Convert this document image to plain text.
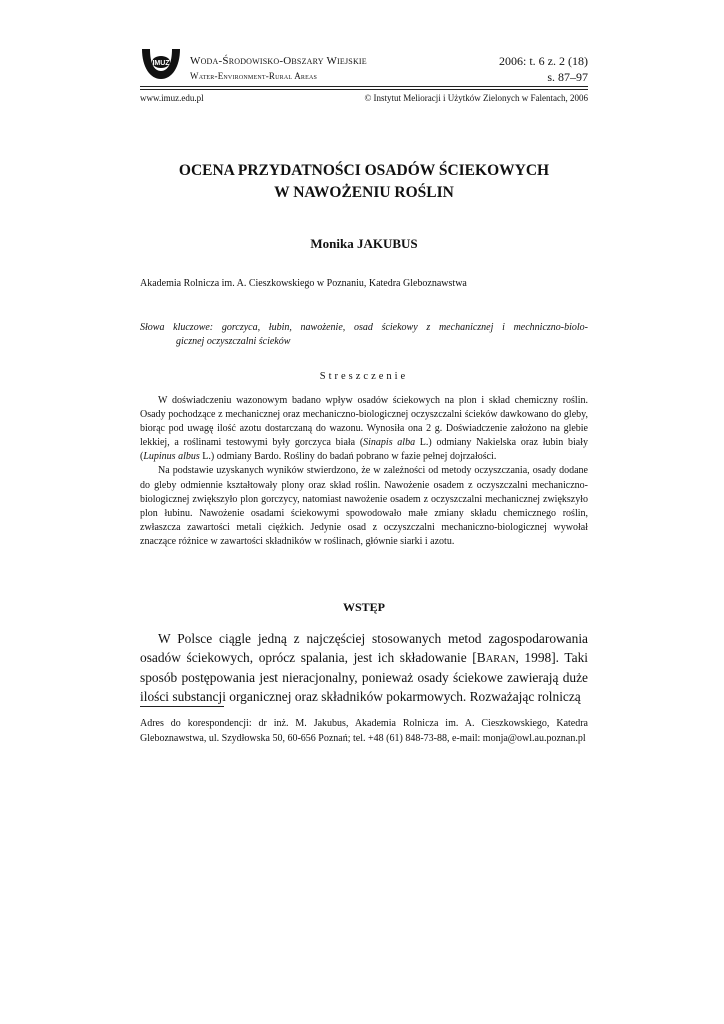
IMUZ Woda-Środowisko-Obszary Wiejskie
Water-Environment-Rural Areas
2006: t. 6 z. 2 (18)
s. 87–97
www.imuz.edu.pl	© Instytut Melioracji i Użytków Zielonych w Falentach, 2006
OCENA PRZYDATNOŚCI OSADÓW ŚCIEKOWYCH
W NAWOŻENIU ROŚLIN
Monika JAKUBUS
Akademia Rolnicza im. A. Cieszkowskiego w Poznaniu, Katedra Gleboznawstwa
Słowa kluczowe: gorczyca, łubin, nawożenie, osad ściekowy z mechanicznej i mechniczno-biolo-
gicznej oczyszczalni ścieków
Streszczenie

W doświadczeniu wazonowym badano wpływ osadów ściekowych na plon i skład chemiczny roślin. Osady pochodzące z mechanicznej oraz mechaniczno-biologicznej oczyszczalni ścieków dawkowano do gleby, biorąc pod uwagę ilość azotu dostarczaną do wazonu. Wynosiła ona 2 g. Doświadczenie założono na glebie lekkiej, a roślinami testowymi były gorczyca biała (Sinapis alba L.) odmiany Nakielska oraz łubin biały (Lupinus albus L.) odmiany Bardo. Rośliny do badań pobrano w fazie pełnej dojrzałości.

Na podstawie uzyskanych wyników stwierdzono, że w zależności od metody oczyszczania, osady dodane do gleby odmiennie kształtowały plony oraz skład roślin. Nawożenie osadem z oczyszczalni mechaniczno-biologicznej zwiększyło plon gorczycy, natomiast nawożenie osadem z oczyszczalni mechanicznej zwiększyło plon łubinu. Nawożenie osadami ściekowymi spowodowało małe zmiany składu chemicznego roślin, zwłaszcza zawartości metali ciężkich. Jedynie osad z oczyszczalni mechaniczno-biologicznej wywołał znaczące różnice w zawartości składników w roślinach, głównie siarki i azotu.

WSTĘP

W Polsce ciągle jedną z najczęściej stosowanych metod zagospodarowania osadów ściekowych, oprócz spalania, jest ich składowanie [BARAN, 1998]. Taki sposób postępowania jest nieracjonalny, ponieważ osady ściekowe zawierają duże ilości substancji organicznej oraz składników pokarmowych. Rozważając rolniczą

Adres do korespondencji: dr inż. M. Jakubus, Akademia Rolnicza im. A. Cieszkowskiego, Katedra Gleboznawstwa, ul. Szydłowska 50, 60-656 Poznań; tel. +48 (61) 848-73-88, e-mail: monja@owl.au.poznan.pl
